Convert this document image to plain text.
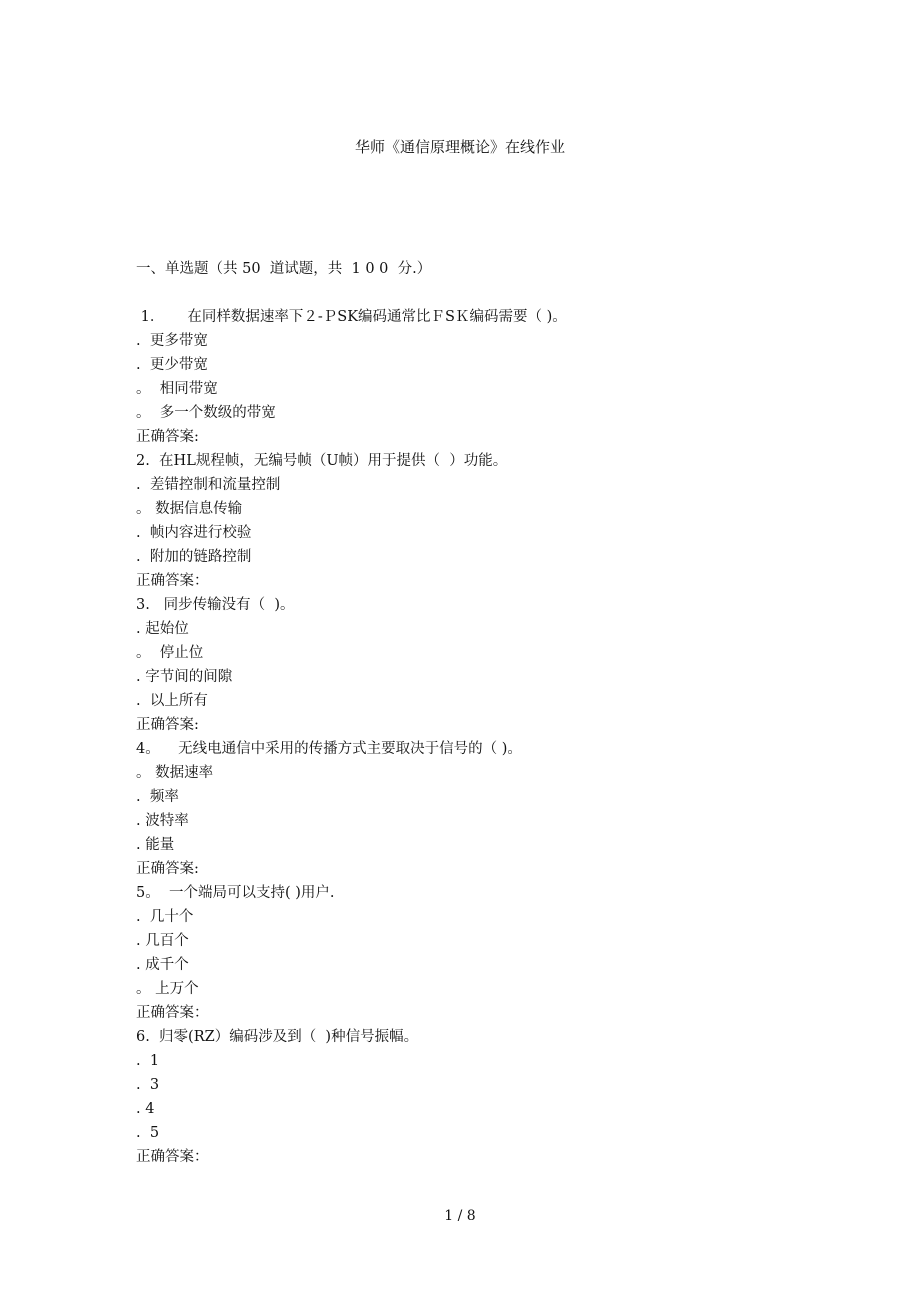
华师《通信原理概论》在线作业
一、单选题（共 50  道试题，共  1 0 0  分.）
1．     在同样数据速率下２-ＰSK编码通常比ＦSＫ编码需要（ )。
.  更多带宽
.  更少带宽
。  相同带宽
。  多一个数级的带宽
正确答案:
2.  在HL规程帧，无编号帧（U帧）用于提供（  ）功能。
.  差错控制和流量控制
。 数据信息传输
.  帧内容进行校验
.  附加的链路控制
正确答案：
3.   同步传输没有（  )。
. 起始位
。  停止位
. 字节间的间隙
.  以上所有
正确答案:
4。    无线电通信中采用的传播方式主要取决于信号的（ )。
。 数据速率
.  频率
. 波特率
. 能量
正确答案:
5。  一个端局可以支持( )用户.
.  几十个
. 几百个
. 成千个
。 上万个
正确答案：
6.  归零(RZ）编码涉及到（  )种信号振幅。
.  1
.  3
. 4
.  5
正确答案：
1 / 8
